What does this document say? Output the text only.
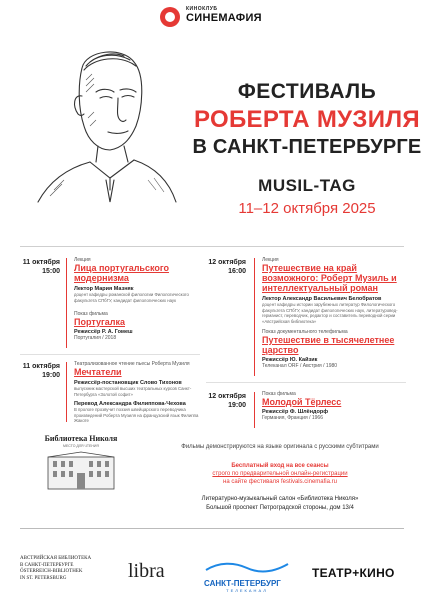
КИНОКЛУБ
СИНЕМАФИЯ
ФЕСТИВАЛЬ
РОБЕРТА МУЗИЛЯ
В САНКТ-ПЕТЕРБУРГЕ
MUSIL-TAG
11–12 октября 2025
11 октября
15:00
Лекция
Лица португальского модернизма
Лектор Мария Мазняк
доцент кафедры романской филологии Филологического факультета СПбГУ, кандидат филологических наук
Показ фильма
Португалка
Режиссёр Р. А. Гомеш
Португалия / 2018
11 октября
19:00
Театрализованное чтение пьесы Роберта Музиля
Мечтатели
Режиссёр-постановщик Слово Тихонов
выпускник мастерской высших театральных курсов Санкт-Петербурга «Золотой софит»
Перевод Александра Филиппова-Чехова
В прологе прозвучит поэзия швейцарского переводчика произведений Роберта Музиля на французский язык Филиппа Жакоте
12 октября
16:00
Лекция
Путешествие на край возможного: Роберт Музиль и интеллектуальный роман
Лектор Александр Васильевич Белобратов
доцент кафедры истории зарубежных литератур Филологического факультета СПбГУ, кандидат филологических наук, литературовед-германист, переводчик, редактор и составитель переводной серии «Австрийская библиотека»
Показ документального телефильма
Путешествие в тысячелетнее царство
Режиссёр Ю. Кайзик
Телеканал ORF / Австрия / 1980
12 октября
19:00
Показ фильма
Молодой Тёрлесс
Режиссёр Ф. Шлёндорф
Германия, Франция / 1966
Библиотека Николя
МЕСТО ДЛЯ ЧТЕНИЯ	Фильмы демонстрируются на языке оригинала с русскими субтитрами
Бесплатный вход на все сеансы
строго по предварительной онлайн-регистрации
на сайте фестиваля festivals.cinemafia.ru
Литературно-музыкальный салон «Библиотека Николя»
Большой проспект Петроградской стороны, дом 13/4
АВСТРИЙСКАЯ БИБЛИОТЕКА
В САНКТ-ПЕТЕРБУРГЕ
ÖSTERREICH-BIBLIOTHEK
IN ST. PETERSBURG	libra
САНКТ-ПЕТЕРБУРГ
ТЕЛЕКАНАЛ
ТЕАТР+КИНО
